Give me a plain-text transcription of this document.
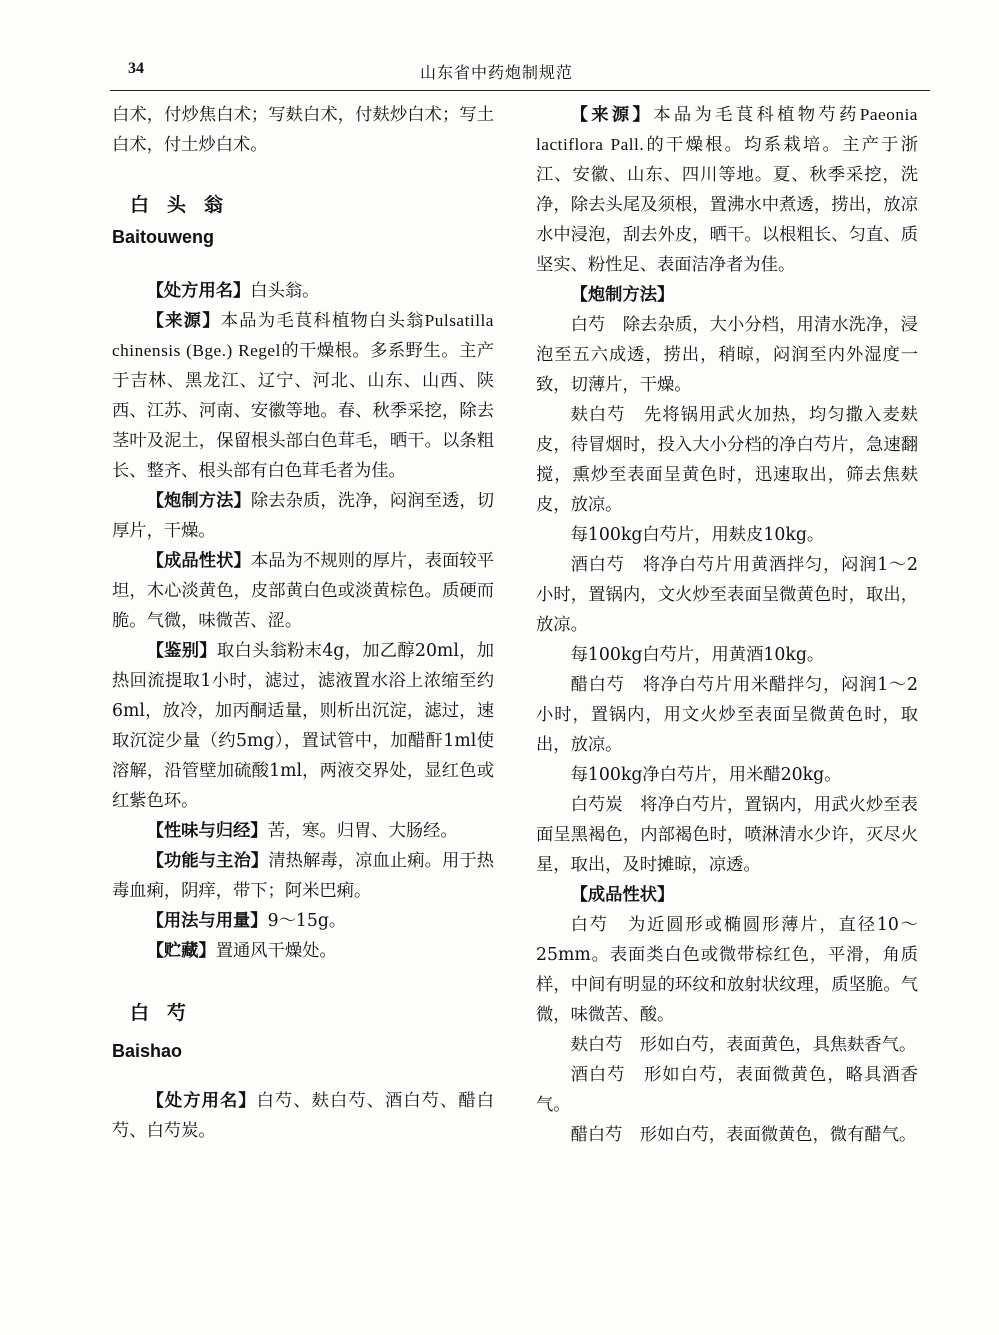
34	山东省中药炮制规范

白术，付炒焦白术；写麸白术，付麸炒白术；写土白术，付土炒白术。

白头翁

Baitouweng

【处方用名】白头翁。

【来源】本品为毛茛科植物白头翁Pulsatilla chinensis (Bge.) Regel的干燥根。多系野生。主产于吉林、黑龙江、辽宁、河北、山东、山西、陕西、江苏、河南、安徽等地。春、秋季采挖，除去茎叶及泥土，保留根头部白色茸毛，晒干。以条粗长、整齐、根头部有白色茸毛者为佳。

【炮制方法】除去杂质，洗净，闷润至透，切厚片，干燥。

【成品性状】本品为不规则的厚片，表面较平坦，木心淡黄色，皮部黄白色或淡黄棕色。质硬而脆。气微，味微苦、涩。

【鉴别】取白头翁粉末4g，加乙醇20ml，加热回流提取1小时，滤过，滤液置水浴上浓缩至约6ml，放冷，加丙酮适量，则析出沉淀，滤过，速取沉淀少量（约5mg），置试管中，加醋酐1ml使溶解，沿管壁加硫酸1ml，两液交界处，显红色或红紫色环。

【性味与归经】苦，寒。归胃、大肠经。

【功能与主治】清热解毒，凉血止痢。用于热毒血痢，阴痒，带下；阿米巴痢。

【用法与用量】9～15g。

【贮藏】置通风干燥处。

白芍

Baishao

【处方用名】白芍、麸白芍、酒白芍、醋白芍、白芍炭。

【来源】本品为毛茛科植物芍药Paeonia lactiflora Pall.的干燥根。均系栽培。主产于浙江、安徽、山东、四川等地。夏、秋季采挖，洗净，除去头尾及须根，置沸水中煮透，捞出，放凉水中浸泡，刮去外皮，晒干。以根粗长、匀直、质坚实、粉性足、表面洁净者为佳。

【炮制方法】

白芍　 除去杂质，大小分档，用清水洗净，浸泡至五六成透，捞出，稍晾，闷润至内外湿度一致，切薄片，干燥。

麸白芍　 先将锅用武火加热，均匀撒入麦麸皮，待冒烟时，投入大小分档的净白芍片，急速翻搅，熏炒至表面呈黄色时，迅速取出，筛去焦麸皮，放凉。

每100kg白芍片，用麸皮10kg。

酒白芍　 将净白芍片用黄酒拌匀，闷润1～2小时，置锅内，文火炒至表面呈微黄色时，取出，放凉。

每100kg白芍片，用黄酒10kg。

醋白芍　 将净白芍片用米醋拌匀，闷润1～2小时，置锅内，用文火炒至表面呈微黄色时，取出，放凉。

每100kg净白芍片，用米醋20kg。

白芍炭　 将净白芍片，置锅内，用武火炒至表面呈黑褐色，内部褐色时，喷淋清水少许，灭尽火星，取出，及时摊晾，凉透。

【成品性状】

白芍　 为近圆形或椭圆形薄片，直径10～25mm。表面类白色或微带棕红色，平滑，角质样，中间有明显的环纹和放射状纹理，质坚脆。气微，味微苦、酸。

麸白芍　 形如白芍，表面黄色，具焦麸香气。

酒白芍　 形如白芍，表面微黄色，略具酒香气。

醋白芍　 形如白芍，表面微黄色，微有醋气。
